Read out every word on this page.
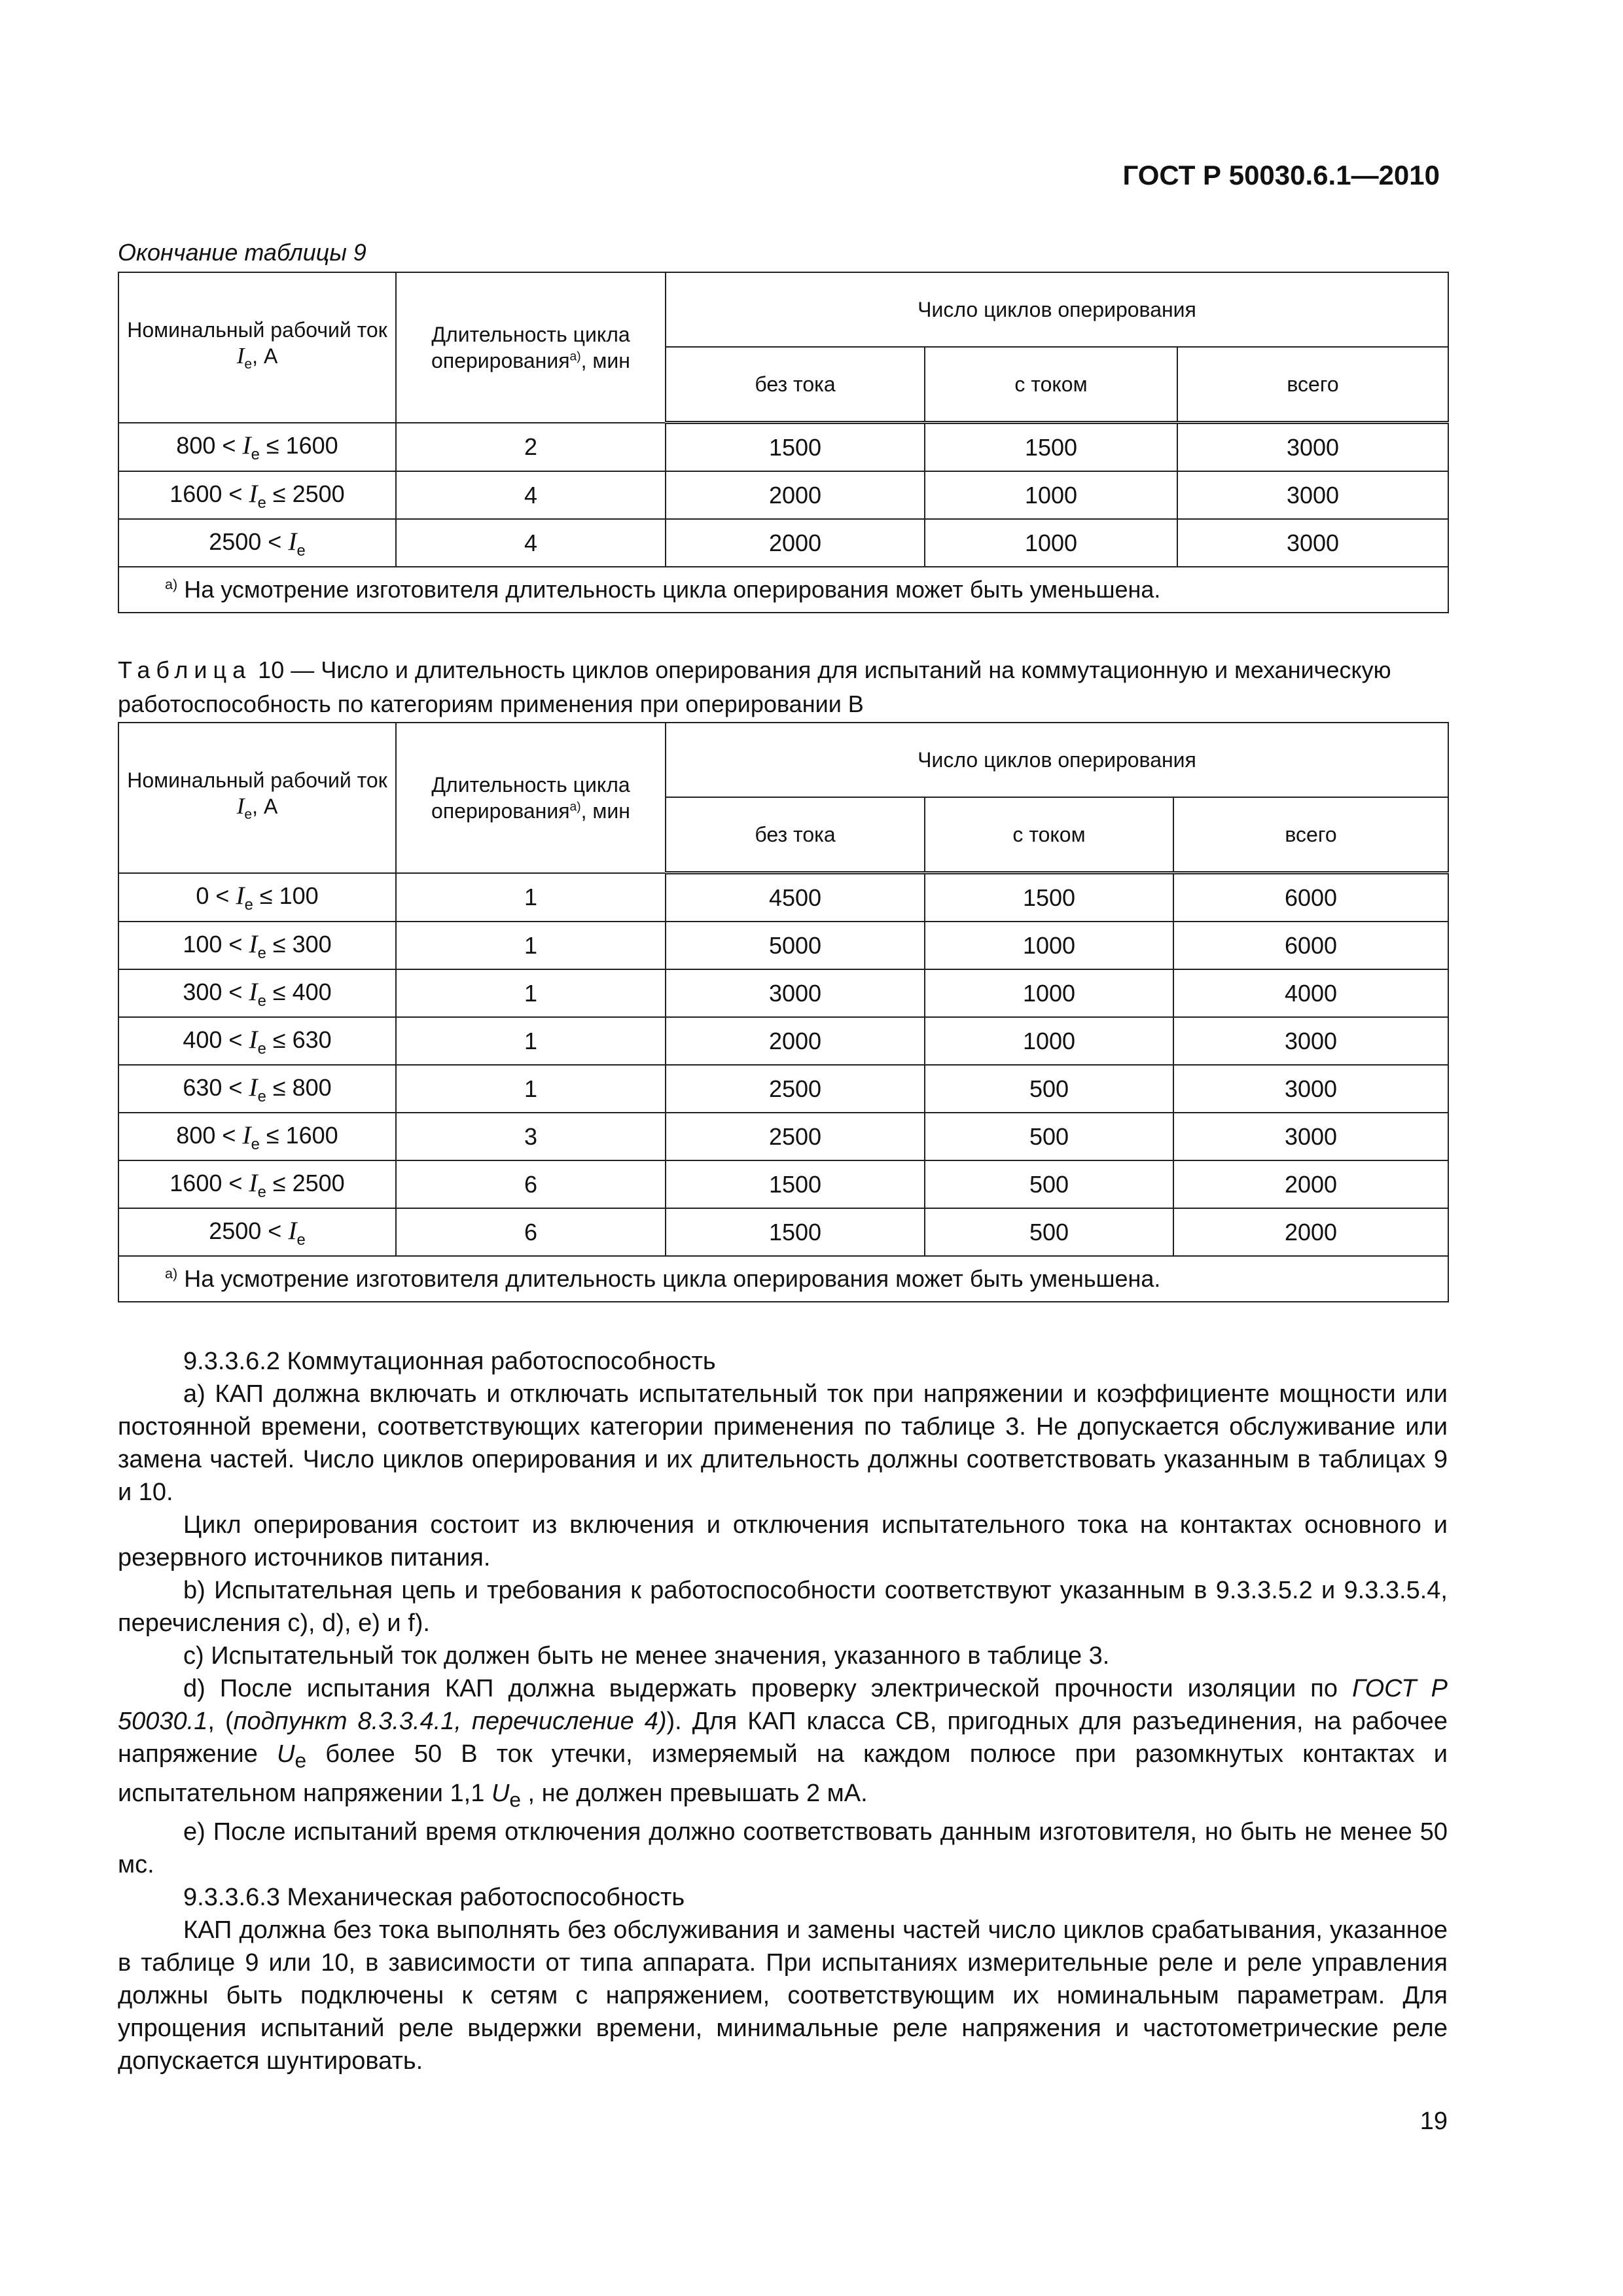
ГОСТ Р 50030.6.1—2010
Окончание таблицы 9
Номинальный рабочий ток $I_e$, А	Длительность цикла оперирования$^{а)}$, мин	Число циклов оперирования		
		без тока	с током	всего
$800 < I_e \le 1600$	2	1500	1500	3000
$1600 < I_e \le 2500$	4	2000	1000	3000
$2500 < I_e$	4	2000	1000	3000
$^{а)}$ На усмотрение изготовителя длительность цикла оперирования может быть уменьшена.				
Таблица 10 — Число и длительность циклов оперирования для испытаний на коммутационную и механическую работоспособность по категориям применения при оперировании В
Номинальный рабочий ток $I_e$, А	Длительность цикла оперирования$^{а)}$, мин	Число циклов оперирования		
		без тока	с током	всего
$0 < I_e \le 100$	1	4500	1500	6000
$100 < I_e \le 300$	1	5000	1000	6000
$300 < I_e \le 400$	1	3000	1000	4000
$400 < I_e \le 630$	1	2000	1000	3000
$630 < I_e \le 800$	1	2500	500	3000
$800 < I_e \le 1600$	3	2500	500	3000
$1600 < I_e \le 2500$	6	1500	500	2000
$2500 < I_e$	6	1500	500	2000
$^{а)}$ На усмотрение изготовителя длительность цикла оперирования может быть уменьшена.				

9.3.3.6.2 Коммутационная работоспособность

а) КАП должна включать и отключать испытательный ток при напряжении и коэффициенте мощности или постоянной времени, соответствующих категории применения по таблице 3. Не допускается обслуживание или замена частей. Число циклов оперирования и их длительность должны соответствовать указанным в таблицах 9 и 10.

Цикл оперирования состоит из включения и отключения испытательного тока на контактах основного и резервного источников питания.

b) Испытательная цепь и требования к работоспособности соответствуют указанным в 9.3.3.5.2 и 9.3.3.5.4, перечисления c), d), e) и f).

c) Испытательный ток должен быть не менее значения, указанного в таблице 3.

d) После испытания КАП должна выдержать проверку электрической прочности изоляции по ГОСТ Р 50030.1, (подпункт 8.3.3.4.1, перечисление 4)). Для КАП класса СВ, пригодных для разъединения, на рабочее напряжение $U_e$ более 50 В ток утечки, измеряемый на каждом полюсе при разомкнутых контактах и испытательном напряжении 1,1 $U_e$ , не должен превышать 2 мА.

е) После испытаний время отключения должно соответствовать данным изготовителя, но быть не менее 50 мс.

9.3.3.6.3 Механическая работоспособность

КАП должна без тока выполнять без обслуживания и замены частей число циклов срабатывания, указанное в таблице 9 или 10, в зависимости от типа аппарата. При испытаниях измерительные реле и реле управления должны быть подключены к сетям с напряжением, соответствующим их номинальным параметрам. Для упрощения испытаний реле выдержки времени, минимальные реле напряжения и частотометрические реле допускается шунтировать.

19
